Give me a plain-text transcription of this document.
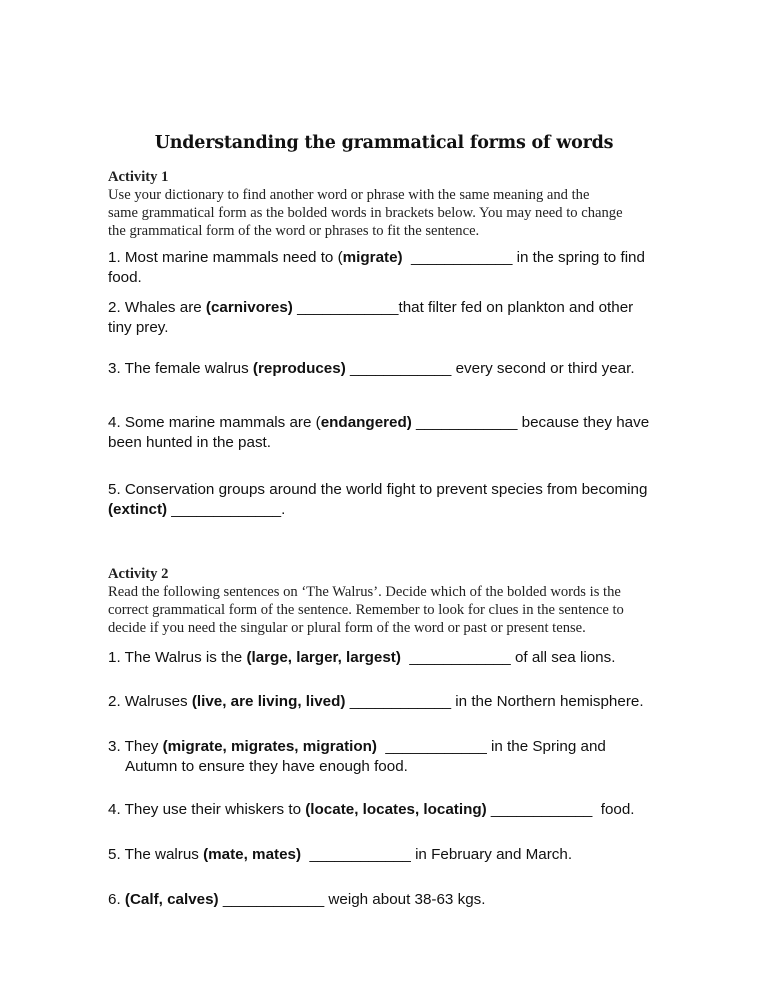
Understanding the grammatical forms of words
Activity 1
Use your dictionary to find another word or phrase with the same meaning and the
same grammatical form as the bolded words in brackets below. You may need to change
the grammatical form of the word or phrases to fit the sentence.
1. Most marine mammals need to (migrate)  ____________ in the spring to find
food.
2. Whales are (carnivores) ____________that filter fed on plankton and other
tiny prey.
3. The female walrus (reproduces) ____________ every second or third year.
4. Some marine mammals are (endangered) ____________ because they have
been hunted in the past.
5. Conservation groups around the world fight to prevent species from becoming
(extinct) _____________.
Activity 2
Read the following sentences on ‘The Walrus’. Decide which of the bolded words is the
correct grammatical form of the sentence. Remember to look for clues in the sentence to
decide if you need the singular or plural form of the word or past or present tense.
1. The Walrus is the (large, larger, largest)  ____________ of all sea lions.
2. Walruses (live, are living, lived) ____________ in the Northern hemisphere.
3. They (migrate, migrates, migration)  ____________ in the Spring and
Autumn to ensure they have enough food.
4. They use their whiskers to (locate, locates, locating) ____________  food.
5. The walrus (mate, mates)  ____________ in February and March.
6. (Calf, calves) ____________ weigh about 38-63 kgs.
